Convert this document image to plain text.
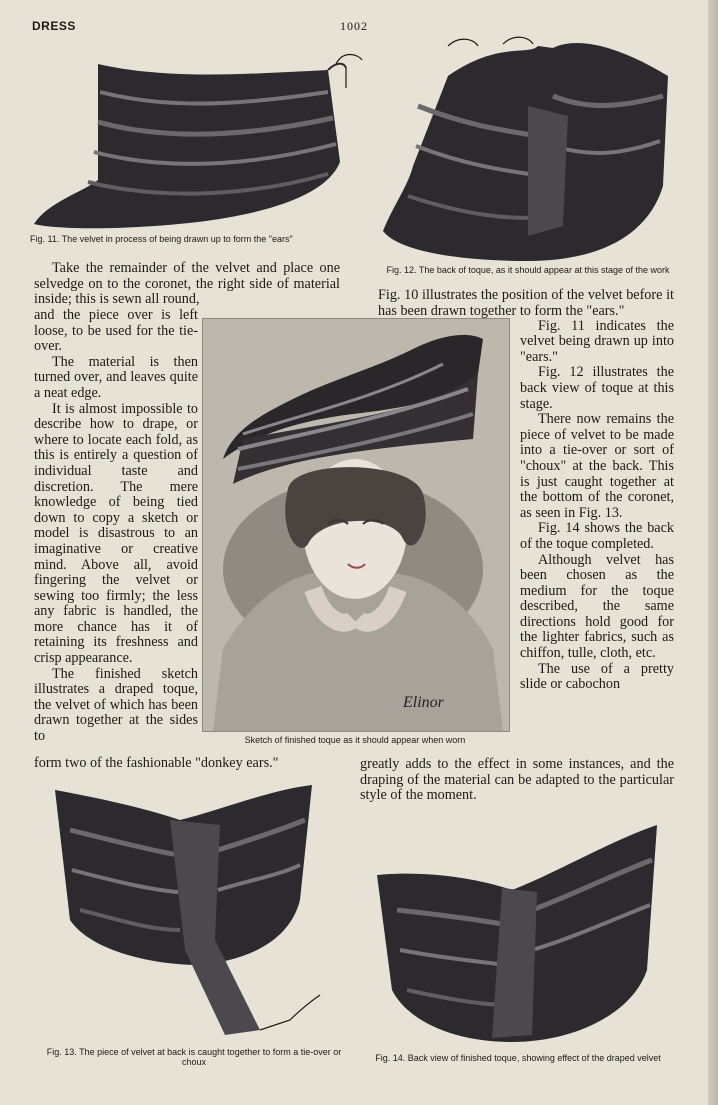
DRESS	1002
Fig. 11. The velvet in process of being drawn up to form the "ears"
Fig. 12. The back of toque, as it should appear at this stage of the work

Take the remainder of the velvet and place one selvedge on to the coronet, the right side of material inside; this is sewn all round,

and the piece over is left loose, to be used for the tie-over.

The material is then turned over, and leaves quite a neat edge.

It is almost impossible to describe how to drape, or where to locate each fold, as this is entirely a question of individual taste and discretion. The mere knowledge of being tied down to copy a sketch or model is disastrous to an imaginative or creative mind. Above all, avoid fingering the velvet or sewing too firmly; the less any fabric is handled, the more chance has it of retaining its freshness and crisp appearance.

The finished sketch illustrates a draped toque, the velvet of which has been drawn together at the sides to

form two of the fashionable "donkey ears."

Elinor
Sketch of finished toque as it should appear when worn

Fig. 10 illustrates the position of the velvet before it has been drawn together to form the "ears."

Fig. 11 indicates the velvet being drawn up into "ears."

Fig. 12 illustrates the back view of toque at this stage.

There now remains the piece of velvet to be made into a tie-over or sort of "choux" at the back. This is just caught together at the bottom of the coronet, as seen in Fig. 13.

Fig. 14 shows the back of the toque completed.

Although velvet has been chosen as the medium for the toque described, the same directions hold good for the lighter fabrics, such as chiffon, tulle, cloth, etc.

The use of a pretty slide or cabochon

greatly adds to the effect in some instances, and the draping of the material can be adapted to the particular style of the moment.

Fig. 13. The piece of velvet at back is caught together to form a tie-over or choux	Fig. 14. Back view of finished toque, showing effect of the draped velvet
